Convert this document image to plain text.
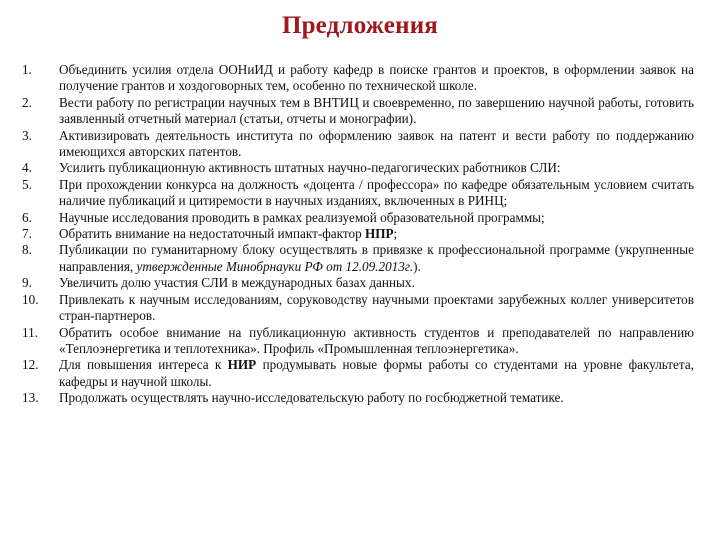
Предложения
1.	Объединить усилия отдела ООНиИД и работу кафедр в поиске грантов и проектов, в оформлении заявок на получение грантов и хоздоговорных тем, особенно по технической школе.
2.	Вести работу по регистрации научных тем в ВНТИЦ и своевременно, по завершению научной работы, готовить заявленный отчетный материал (статьи, отчеты и монографии).
3.	Активизировать деятельность института по оформлению заявок на патент и вести работу по поддержанию имеющихся авторских патентов.
4.	Усилить публикационную активность штатных научно-педагогических работников СЛИ:
5.	При прохождении конкурса на должность «доцента / профессора» по кафедре обязательным условием считать наличие публикаций и цитиремости в научных изданиях, включенных в РИНЦ;
6.	Научные исследования проводить в рамках реализуемой образовательной программы;
7.	Обратить внимание на недостаточный импакт-фактор НПР;
8.	Публикации по гуманитарному блоку осуществлять в привязке к профессиональной программе (укрупненные направления, утвержденные Минобрнауки РФ от 12.09.2013г.).
9.	Увеличить долю участия СЛИ в международных базах данных.
10.	Привлекать к научным исследованиям, соруководству научными проектами зарубежных коллег университетов стран-партнеров.
11.	Обратить особое внимание на публикационную активность студентов и преподавателей по направлению «Теплоэнергетика и теплотехника». Профиль «Промышленная теплоэнергетика».
12.	Для повышения интереса к НИР продумывать новые формы работы со студентами на уровне факультета, кафедры и научной школы.
13.	Продолжать осуществлять научно-исследовательскую работу по госбюджетной тематике.
